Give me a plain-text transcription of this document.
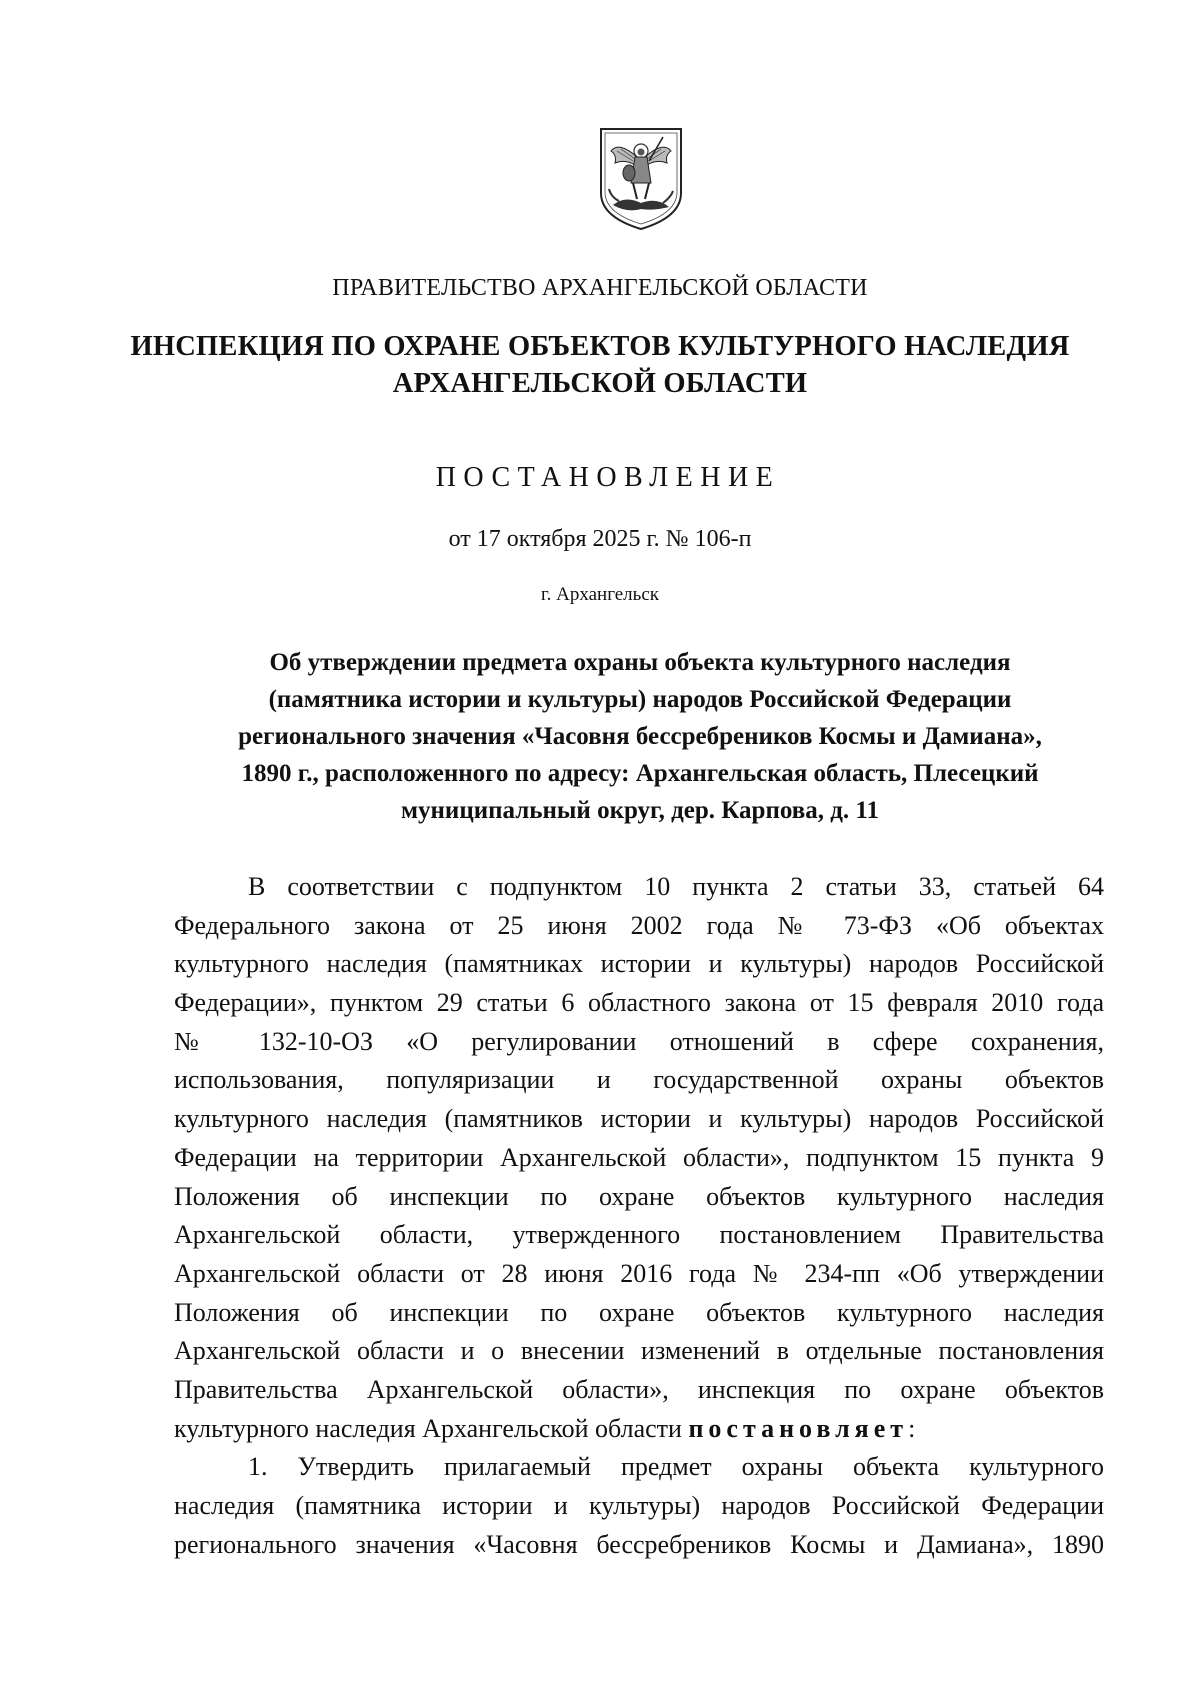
ПРАВИТЕЛЬСТВО АРХАНГЕЛЬСКОЙ ОБЛАСТИ
ИНСПЕКЦИЯ ПО ОХРАНЕ ОБЪЕКТОВ КУЛЬТУРНОГО НАСЛЕДИЯ
АРХАНГЕЛЬСКОЙ ОБЛАСТИ
ПОСТАНОВЛЕНИЕ
от 17 октября 2025 г. № 106-п
г. Архангельск
Об утверждении предмета охраны объекта культурного наследия
(памятника истории и культуры) народов Российской Федерации
регионального значения «Часовня бессребреников Космы и Дамиана»,
1890 г., расположенного по адресу: Архангельская область, Плесецкий
муниципальный округ, дер. Карпова, д. 11
В соответствии с подпунктом 10 пункта 2 статьи 33, статьей 64
Федерального закона от 25 июня 2002 года № 73-ФЗ «Об объектах
культурного наследия (памятниках истории и культуры) народов Российской
Федерации», пунктом 29 статьи 6 областного закона от 15 февраля 2010 года
№ 132-10-ОЗ «О регулировании отношений в сфере сохранения,
использования, популяризации и государственной охраны объектов
культурного наследия (памятников истории и культуры) народов Российской
Федерации на территории Архангельской области», подпунктом 15 пункта 9
Положения об инспекции по охране объектов культурного наследия
Архангельской области, утвержденного постановлением Правительства
Архангельской области от 28 июня 2016 года № 234-пп «Об утверждении
Положения об инспекции по охране объектов культурного наследия
Архангельской области и о внесении изменений в отдельные постановления
Правительства Архангельской области», инспекция по охране объектов
культурного наследия Архангельской области постановляет:
1. Утвердить прилагаемый предмет охраны объекта культурного
наследия (памятника истории и культуры) народов Российской Федерации
регионального значения «Часовня бессребреников Космы и Дамиана», 1890
